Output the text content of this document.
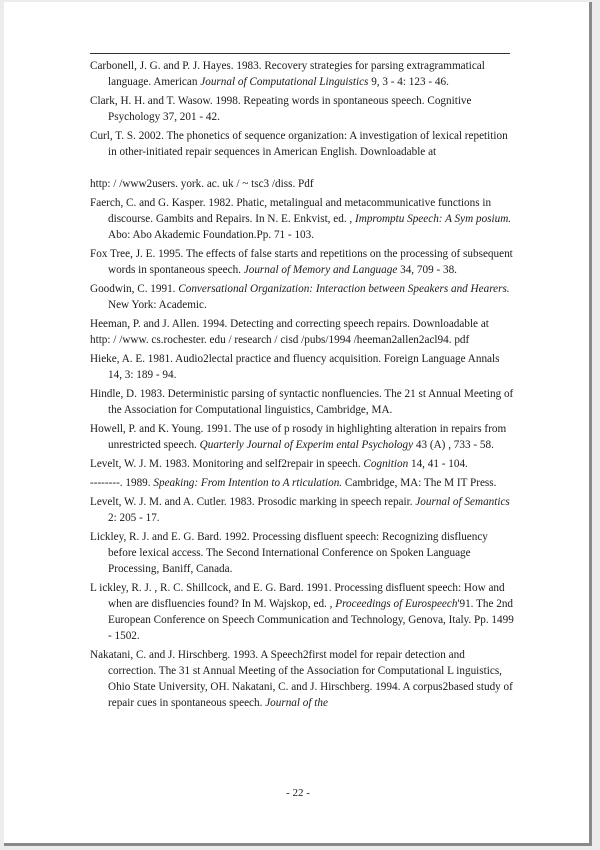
Carbonell, J. G. and P. J. Hayes. 1983. Recovery strategies for parsing extragrammatical language. American Journal of Computational Linguistics 9, 3 - 4: 123 - 46.

Clark, H. H. and T. Wasow. 1998. Repeating words in spontaneous speech. Cognitive Psychology 37, 201 - 42.

Curl, T. S. 2002. The phonetics of sequence organization: A investigation of lexical repetition in other-initiated repair sequences in American English. Downloadable at
http: / /www2users. york. ac. uk / ~ tsc3 /diss. Pdf

Faerch, C. and G. Kasper. 1982. Phatic, metalingual and metacommunicative functions in discourse. Gambits and Repairs. In N. E. Enkvist, ed. , Impromptu Speech: A Sym posium. Abo: Abo Akademic Foundation.Pp. 71 - 103.

Fox Tree, J. E. 1995. The effects of false starts and repetitions on the processing of subsequent words in spontaneous speech. Journal of Memory and Language 34, 709 - 38.

Goodwin, C. 1991. Conversational Organization: Interaction between Speakers and Hearers. New York: Academic.

Heeman, P. and J. Allen. 1994. Detecting and correcting speech repairs. Downloadable at
http: / /www. cs.rochester. edu / research / cisd /pubs/1994 /heeman2allen2acl94. pdf

Hieke, A. E. 1981. Audio2lectal practice and fluency acquisition. Foreign Language Annals 14, 3: 189 - 94.

Hindle, D. 1983. Deterministic parsing of syntactic nonfluencies. The 21 st Annual Meeting of the Association for Computational linguistics, Cambridge, MA.

Howell, P. and K. Young. 1991. The use of p rosody in highlighting alteration in repairs from unrestricted speech. Quarterly Journal of Experim ental Psychology 43 (A) , 733 - 58.

Levelt, W. J. M. 1983. Monitoring and self2repair in speech. Cognition 14, 41 - 104.

--------. 1989. Speaking: From Intention to A rticulation. Cambridge, MA: The M IT Press.

Levelt, W. J. M. and A. Cutler. 1983. Prosodic marking in speech repair. Journal of Semantics 2: 205 - 17.

Lickley, R. J. and E. G. Bard. 1992. Processing disfluent speech: Recognizing disfluency before lexical access. The Second International Conference on Spoken Language Processing, Baniff, Canada.

L ickley, R. J. , R. C. Shillcock, and E. G. Bard. 1991. Processing disfluent speech: How and when are disfluencies found? In M. Wajskop, ed. , Proceedings of Eurospeech'91. The 2nd European Conference on Speech Communication and Technology, Genova, Italy. Pp. 1499 - 1502.

Nakatani, C. and J. Hirschberg. 1993. A Speech2first model for repair detection and correction. The 31 st Annual Meeting of the Association for Computational L inguistics, Ohio State University, OH. Nakatani, C. and J. Hirschberg. 1994. A corpus2based study of repair cues in spontaneous speech. Journal of the

- 22 -
